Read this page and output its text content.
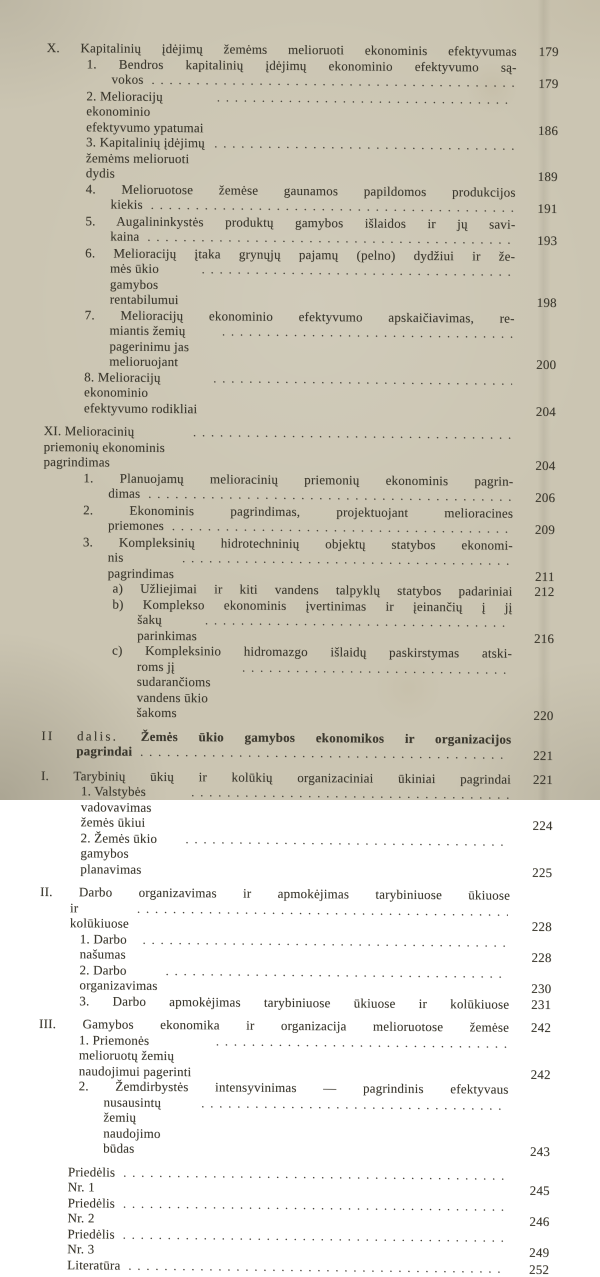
179
X. Kapitalinių įdėjimų žemėms melioruoti ekonominis efektyvumas
1. Bendros kapitalinių įdėjimų ekonominio efektyvumo są-
179
vokos
. . .
186
2. Melioracijų ekonominio efektyvumo ypatumai
. . .
189
3. Kapitalinių įdėjimų žemėms melioruoti dydis
. . .
4. Melioruotose žemėse gaunamos papildomos produkcijos
191
kiekis
. . .
5. Augalininkystės produktų gamybos išlaidos ir jų savi-
193
kaina
. . .
6. Melioracijų įtaka grynųjų pajamų (pelno) dydžiui ir že-
198
mės ūkio gamybos rentabilumui
. . .
7. Melioracijų ekonominio efektyvumo apskaičiavimas, re-
200
miantis žemių pagerinimu jas melioruojant
. . .
204
8. Melioracijų ekonominio efektyvumo rodikliai
. . .
204
XI. Melioracinių priemonių ekonominis pagrindimas
. . .
1. Planuojamų melioracinių priemonių ekonominis pagrin-
206
dimas
. . .
2. Ekonominis pagrindimas, projektuojant melioracines
209
priemones
. . .
3. Kompleksinių hidrotechninių objektų statybos ekonomi-
211
nis pagrindimas
. . .
212
a) Užliejimai ir kiti vandens talpyklų statybos padariniai
b) Komplekso ekonominis įvertinimas ir įeinančių į jį
216
šakų parinkimas
. . .
c) Kompleksinio hidromazgo išlaidų paskirstymas atski-
220
roms jį sudarančioms vandens ūkio šakoms
. . .
II dalis. Žemės ūkio gamybos ekonomikos ir organizacijos
221
pagrindai
. . .
221
I. Tarybinių ūkių ir kolūkių organizaciniai ūkiniai pagrindai
224
1. Valstybės vadovavimas žemės ūkiui
. . .
225
2. Žemės ūkio gamybos planavimas
. . .
II. Darbo organizavimas ir apmokėjimas tarybiniuose ūkiuose
228
ir kolūkiuose
. . .
228
1. Darbo našumas
. . .
230
2. Darbo organizavimas
. . .
231
3. Darbo apmokėjimas tarybiniuose ūkiuose ir kolūkiuose
242
III. Gamybos ekonomika ir organizacija melioruotose žemėse
242
1. Priemonės melioruotų žemių naudojimui pagerinti
. . .
2. Žemdirbystės intensyvinimas — pagrindinis efektyvaus
243
nusausintų žemių naudojimo būdas
. . .
245
Priedėlis Nr. 1
. . .
246
Priedėlis Nr. 2
. . .
249
Priedėlis Nr. 3
. . .
252
Literatūra
. . .
